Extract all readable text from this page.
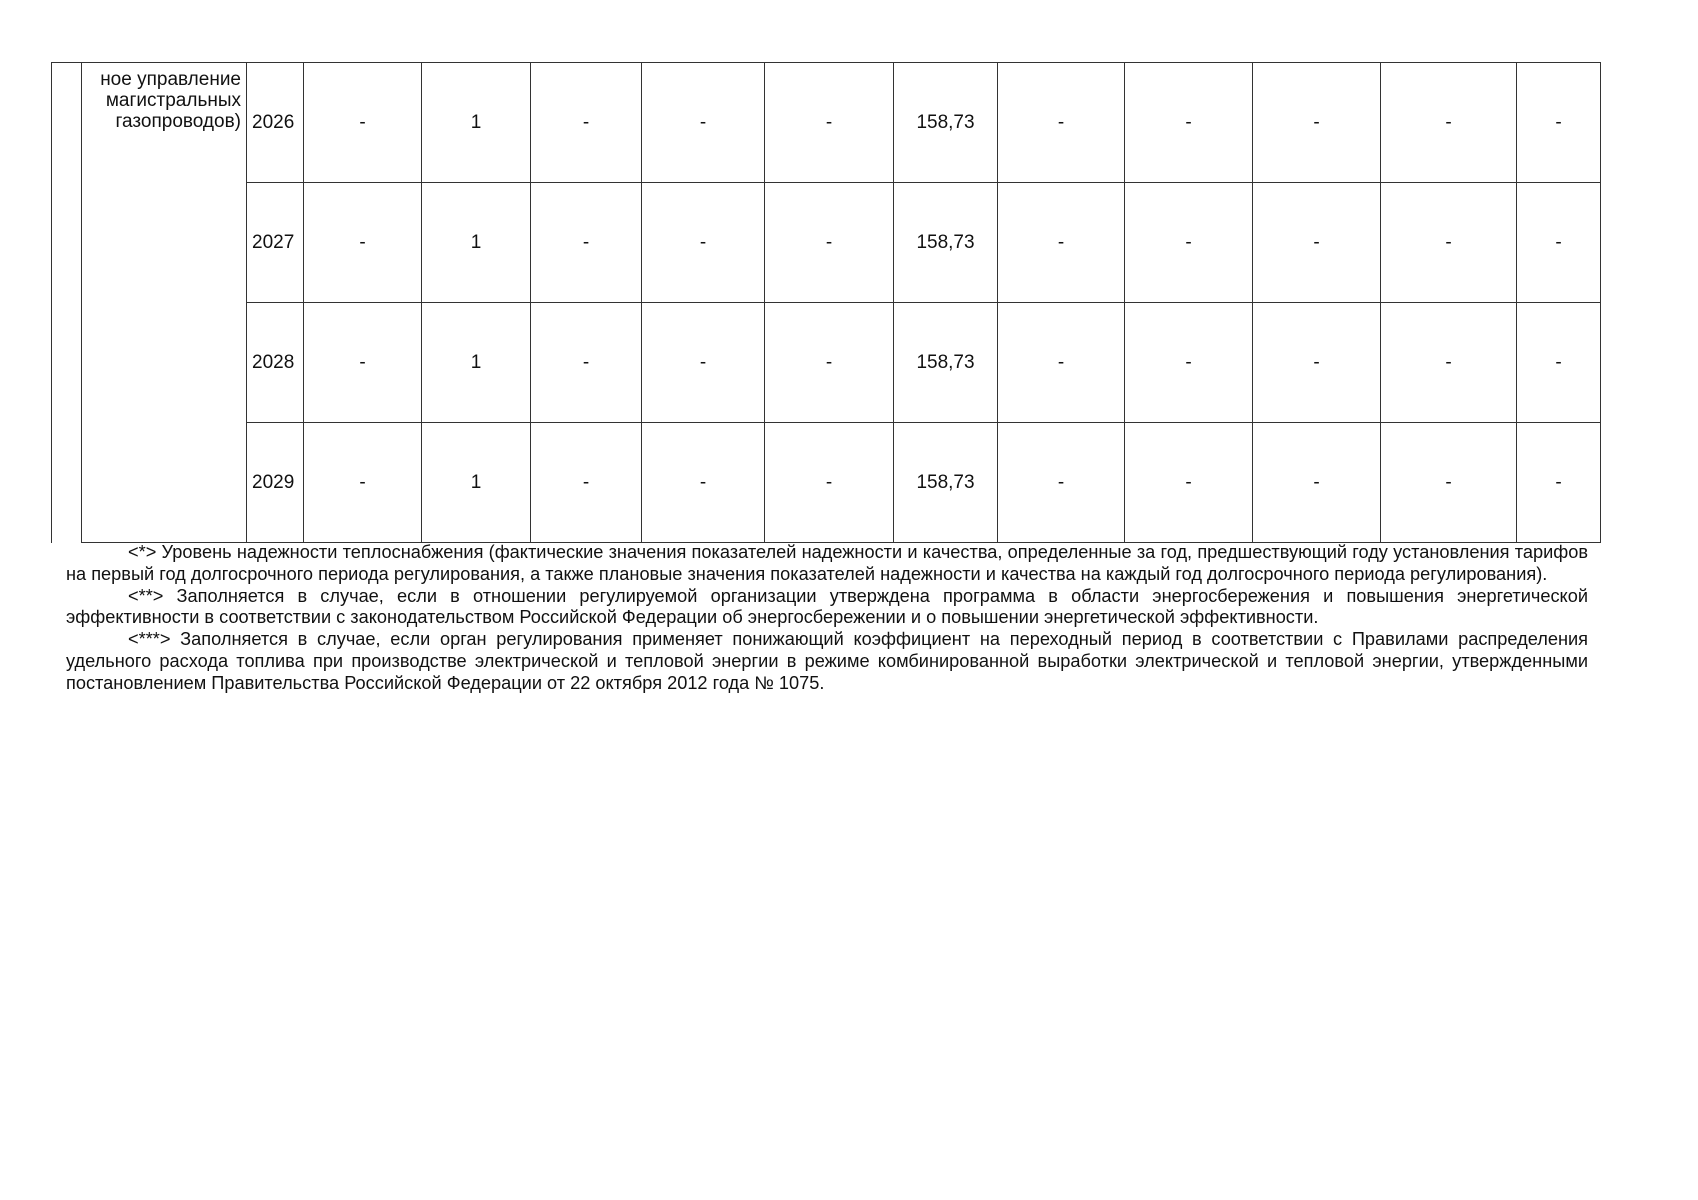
	ное управление
магистральных
газопроводов)	2026	-	1	-	-	-	158,73	-	-	-	-	-
		2027	-	1	-	-	-	158,73	-	-	-	-	-
		2028	-	1	-	-	-	158,73	-	-	-	-	-
		2029	-	1	-	-	-	158,73	-	-	-	-	-

<*> Уровень надежности теплоснабжения (фактические значения показателей надежности и качества, определенные за год, предшествующий году установления тарифов на первый год долгосрочного периода регулирования, а также плановые значения показателей надежности и качества на каждый год долгосрочного периода регулирования).

<**> Заполняется в случае, если в отношении регулируемой организации утверждена программа в области энергосбережения и повышения энергетической эффективности в соответствии с законодательством Российской Федерации об энергосбережении и о повышении энергетической эффективности.

<***> Заполняется в случае, если орган регулирования применяет понижающий коэффициент на переходный период в соответствии с Правилами распределения удельного расхода топлива при производстве электрической и тепловой энергии в режиме комбинированной выработки электрической и тепловой энергии, утвержденными постановлением Правительства Российской Федерации от 22 октября 2012 года № 1075.
